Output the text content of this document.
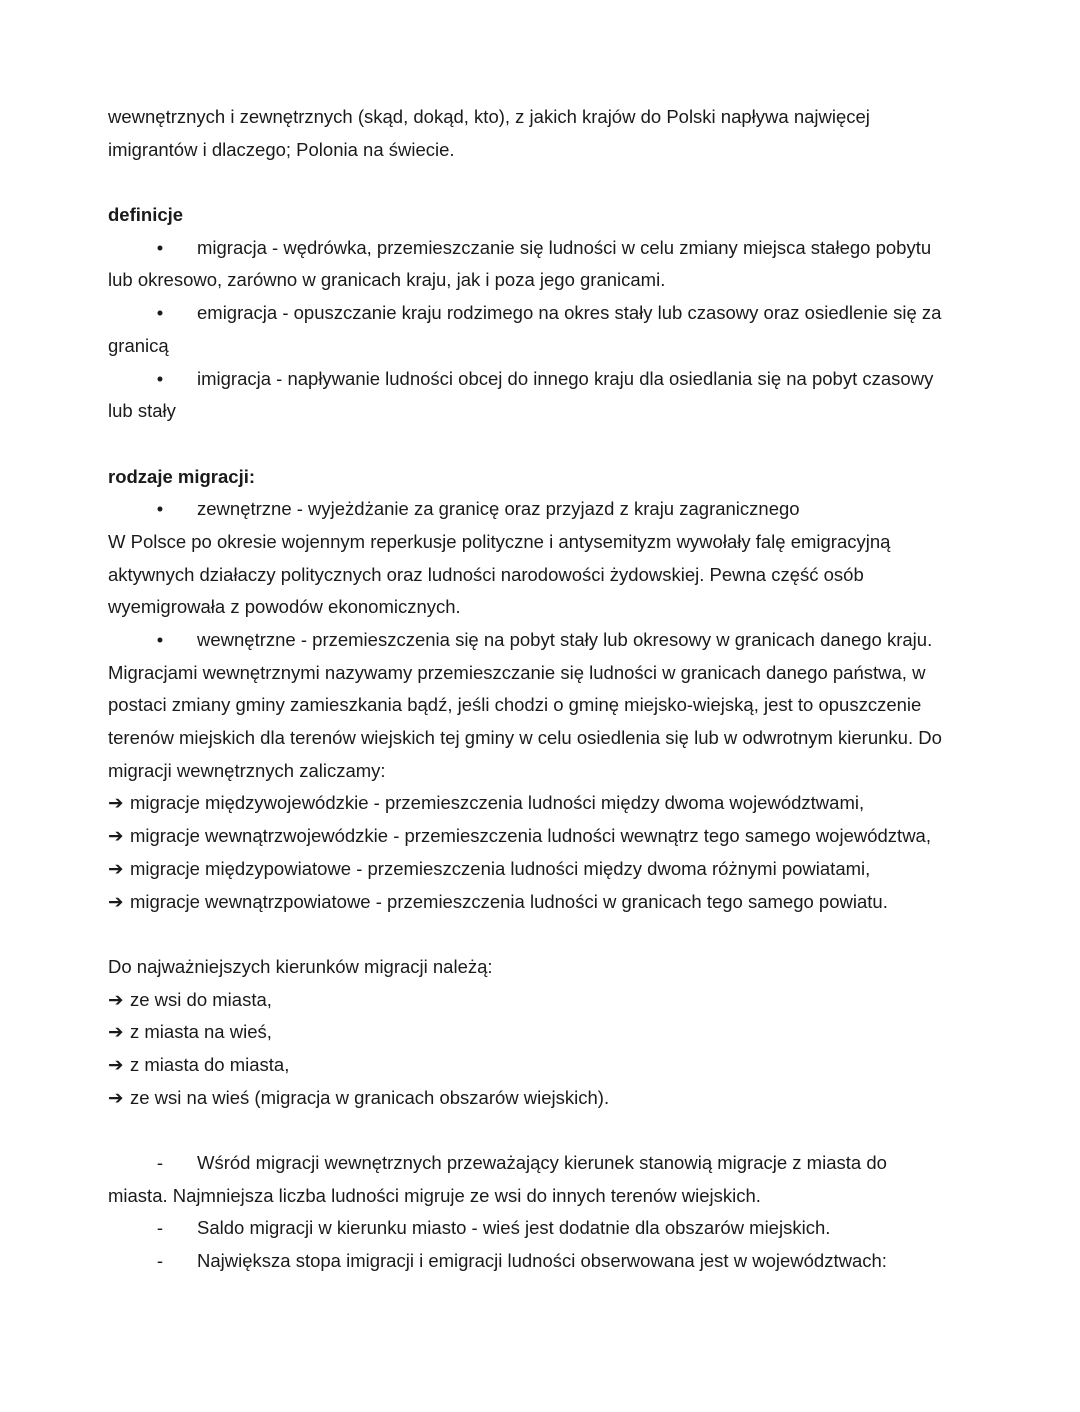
wewnętrznych i zewnętrznych (skąd, dokąd, kto), z jakich krajów do Polski napływa najwięcej
imigrantów i dlaczego; Polonia na świecie.
definicje
•	migracja - wędrówka, przemieszczanie się ludności w celu zmiany miejsca stałego pobytu
lub okresowo, zarówno w granicach kraju, jak i poza jego granicami.
•	emigracja - opuszczanie kraju rodzimego na okres stały lub czasowy oraz osiedlenie się za
granicą
•	imigracja - napływanie ludności obcej do innego kraju dla osiedlania się na pobyt czasowy
lub stały
rodzaje migracji:
•	zewnętrzne - wyjeżdżanie za granicę oraz przyjazd z kraju zagranicznego
W Polsce po okresie wojennym reperkusje polityczne i antysemityzm wywołały falę emigracyjną
aktywnych działaczy politycznych oraz ludności narodowości żydowskiej. Pewna część osób
wyemigrowała z powodów ekonomicznych.
•	wewnętrzne - przemieszczenia się na pobyt stały lub okresowy w granicach danego kraju.
Migracjami wewnętrznymi nazywamy przemieszczanie się ludności w granicach danego państwa, w
postaci zmiany gminy zamieszkania bądź, jeśli chodzi o gminę miejsko-wiejską, jest to opuszczenie
terenów miejskich dla terenów wiejskich tej gminy w celu osiedlenia się lub w odwrotnym kierunku. Do
migracji wewnętrznych zaliczamy:
➔ migracje międzywojewódzkie - przemieszczenia ludności między dwoma województwami,
➔ migracje wewnątrzwojewódzkie - przemieszczenia ludności wewnątrz tego samego województwa,
➔ migracje międzypowiatowe - przemieszczenia ludności między dwoma różnymi powiatami,
➔ migracje wewnątrzpowiatowe - przemieszczenia ludności w granicach tego samego powiatu.
Do najważniejszych kierunków migracji należą:
➔ ze wsi do miasta,
➔ z miasta na wieś,
➔ z miasta do miasta,
➔ ze wsi na wieś (migracja w granicach obszarów wiejskich).
-	Wśród migracji wewnętrznych przeważający kierunek stanowią migracje z miasta do
miasta. Najmniejsza liczba ludności migruje ze wsi do innych terenów wiejskich.
-	Saldo migracji w kierunku miasto - wieś jest dodatnie dla obszarów miejskich.
-	Największa stopa imigracji i emigracji ludności obserwowana jest w województwach:
